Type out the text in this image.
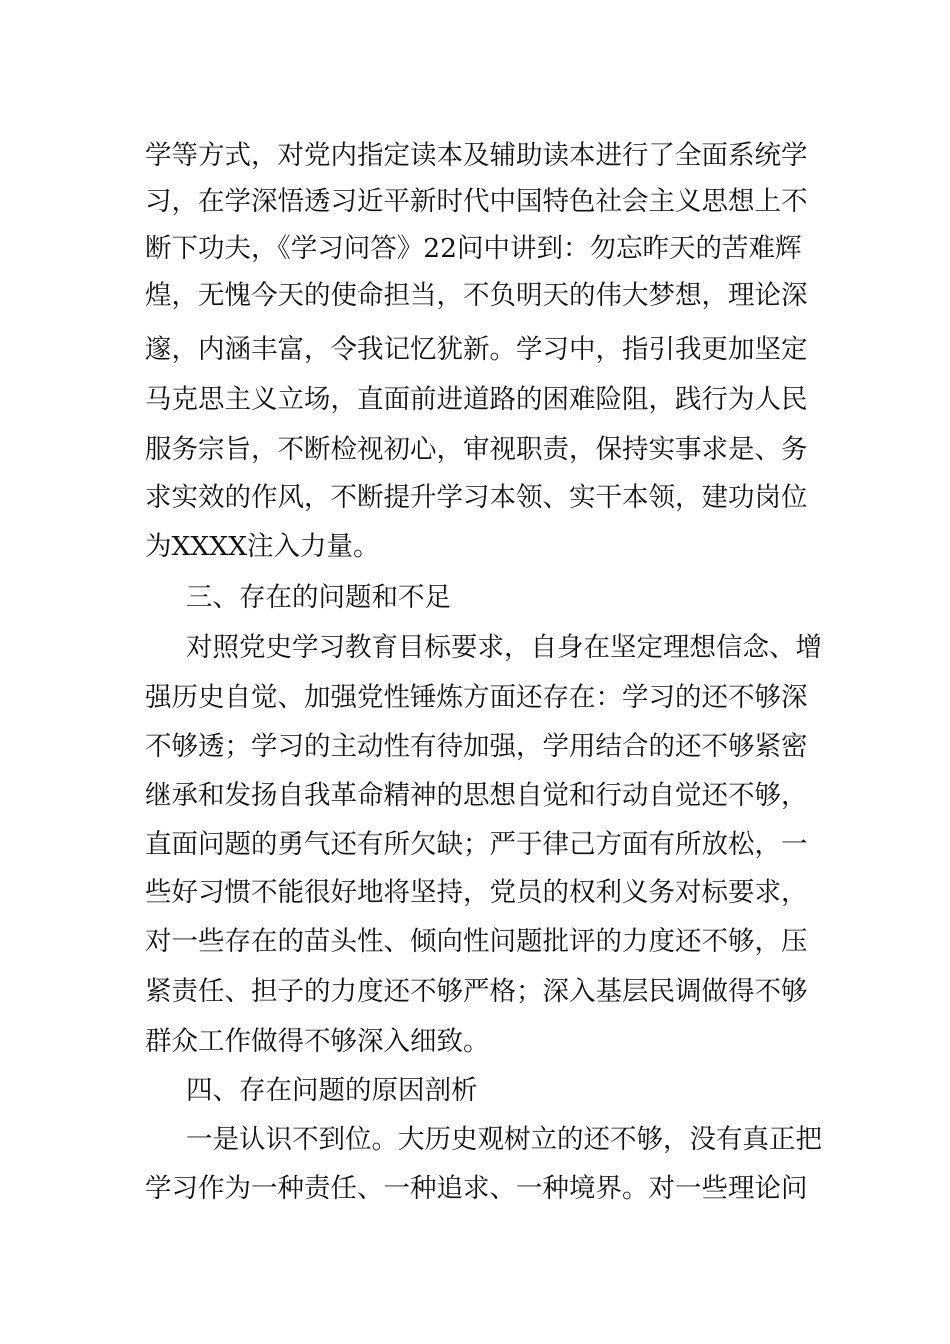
学等方式，对党内指定读本及辅助读本进行了全面系统学
习，在学深悟透习近平新时代中国特色社会主义思想上不
断下功夫，《学习问答》22问中讲到：勿忘昨天的苦难辉
煌，无愧今天的使命担当，不负明天的伟大梦想，理论深
邃，内涵丰富，令我记忆犹新。学习中，指引我更加坚定
马克思主义立场，直面前进道路的困难险阻，践行为人民
服务宗旨，不断检视初心，审视职责，保持实事求是、务
求实效的作风，不断提升学习本领、实干本领，建功岗位
为XXXX注入力量。
三、存在的问题和不足
对照党史学习教育目标要求，自身在坚定理想信念、增
强历史自觉、加强党性锤炼方面还存在：学习的还不够深
不够透；学习的主动性有待加强，学用结合的还不够紧密
继承和发扬自我革命精神的思想自觉和行动自觉还不够，
直面问题的勇气还有所欠缺；严于律己方面有所放松，一
些好习惯不能很好地将坚持，党员的权利义务对标要求，
对一些存在的苗头性、倾向性问题批评的力度还不够，压
紧责任、担子的力度还不够严格；深入基层民调做得不够
群众工作做得不够深入细致。
四、存在问题的原因剖析
一是认识不到位。大历史观树立的还不够，没有真正把
学习作为一种责任、一种追求、一种境界。对一些理论问
